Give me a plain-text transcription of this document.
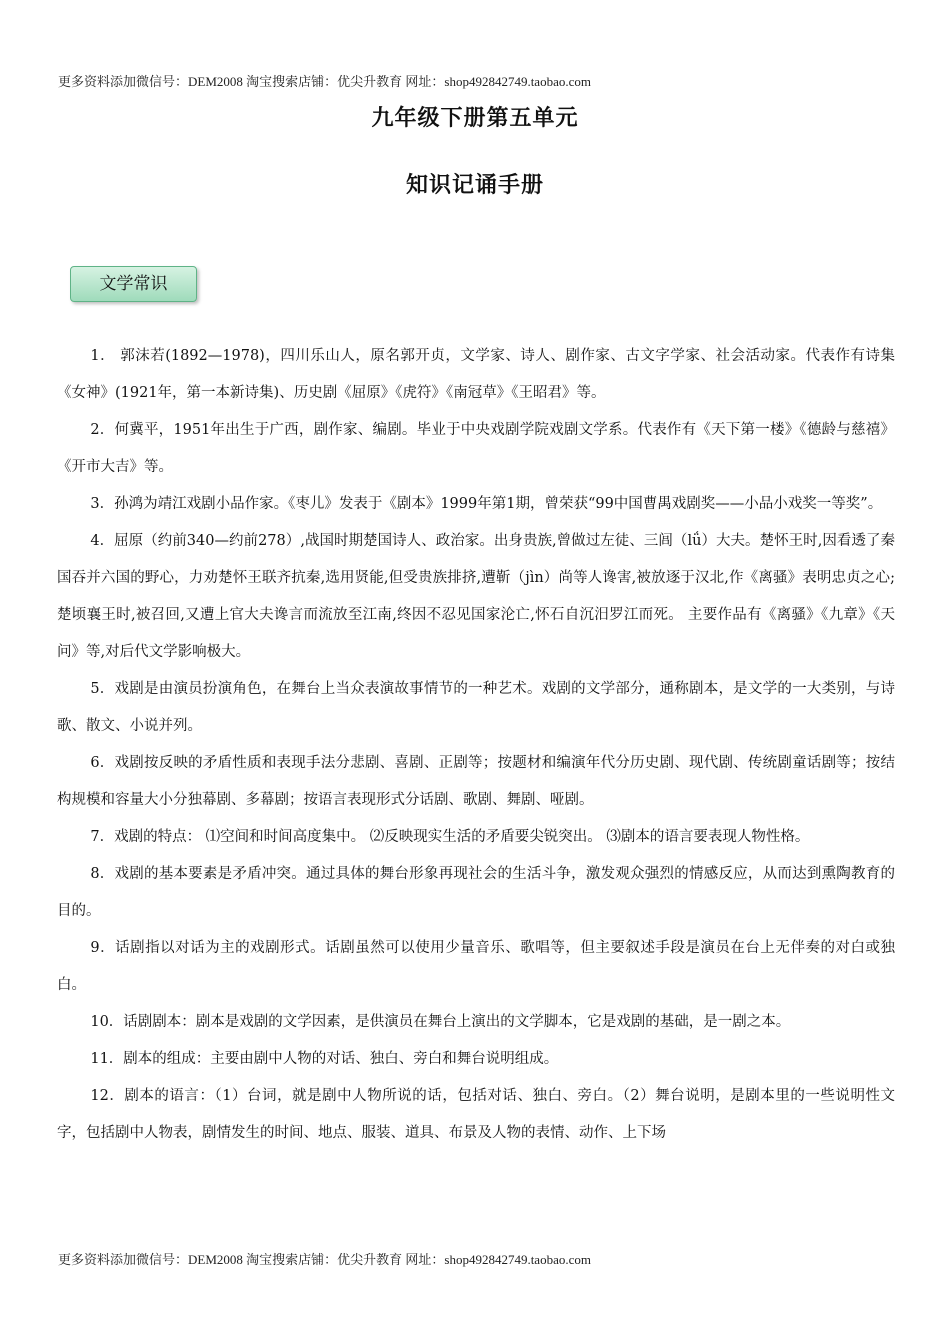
更多资料添加微信号：DEM2008 淘宝搜索店铺：优尖升教育 网址：shop492842749.taobao.com
九年级下册第五单元
知识记诵手册
文学常识

1． 郭沫若(1892—1978)，四川乐山人，原名郭开贞，文学家、诗人、剧作家、古文字学家、社会活动家。代表作有诗集《女神》(1921年，第一本新诗集)、历史剧《屈原》《虎符》《南冠草》《王昭君》等。

2．何冀平，1951年出生于广西，剧作家、编剧。毕业于中央戏剧学院戏剧文学系。代表作有《天下第一楼》《德龄与慈禧》《开市大吉》等。

3．孙鸿为靖江戏剧小品作家。《枣儿》发表于《剧本》1999年第1期，曾荣获“99中国曹禺戏剧奖——小品小戏奖一等奖”。

4．屈原（约前340—约前278）,战国时期楚国诗人、政治家。出身贵族,曾做过左徒、三闾（lǘ）大夫。楚怀王时,因看透了秦国吞并六国的野心，力劝楚怀王联齐抗秦,选用贤能,但受贵族排挤,遭靳（jìn）尚等人谗害,被放逐于汉北,作《离骚》表明忠贞之心;楚顷襄王时,被召回,又遭上官大夫谗言而流放至江南,终因不忍见国家沦亡,怀石自沉汨罗江而死。 主要作品有《离骚》《九章》《天问》等,对后代文学影响极大。

5．戏剧是由演员扮演角色，在舞台上当众表演故事情节的一种艺术。戏剧的文学部分，通称剧本，是文学的一大类别，与诗歌、散文、小说并列。

6．戏剧按反映的矛盾性质和表现手法分悲剧、喜剧、正剧等；按题材和编演年代分历史剧、现代剧、传统剧童话剧等；按结构规模和容量大小分独幕剧、多幕剧；按语言表现形式分话剧、歌剧、舞剧、哑剧。

7．戏剧的特点： ⑴空间和时间高度集中。 ⑵反映现实生活的矛盾要尖锐突出。 ⑶剧本的语言要表现人物性格。

8．戏剧的基本要素是矛盾冲突。通过具体的舞台形象再现社会的生活斗争，激发观众强烈的情感反应，从而达到熏陶教育的目的。

9．话剧指以对话为主的戏剧形式。话剧虽然可以使用少量音乐、歌唱等，但主要叙述手段是演员在台上无伴奏的对白或独白。

10．话剧剧本：剧本是戏剧的文学因素，是供演员在舞台上演出的文学脚本，它是戏剧的基础，是一剧之本。

11．剧本的组成：主要由剧中人物的对话、独白、旁白和舞台说明组成。

12．剧本的语言：（1）台词，就是剧中人物所说的话，包括对话、独白、旁白。（2）舞台说明，是剧本里的一些说明性文字，包括剧中人物表，剧情发生的时间、地点、服装、道具、布景及人物的表情、动作、上下场

更多资料添加微信号：DEM2008 淘宝搜索店铺：优尖升教育 网址：shop492842749.taobao.com
